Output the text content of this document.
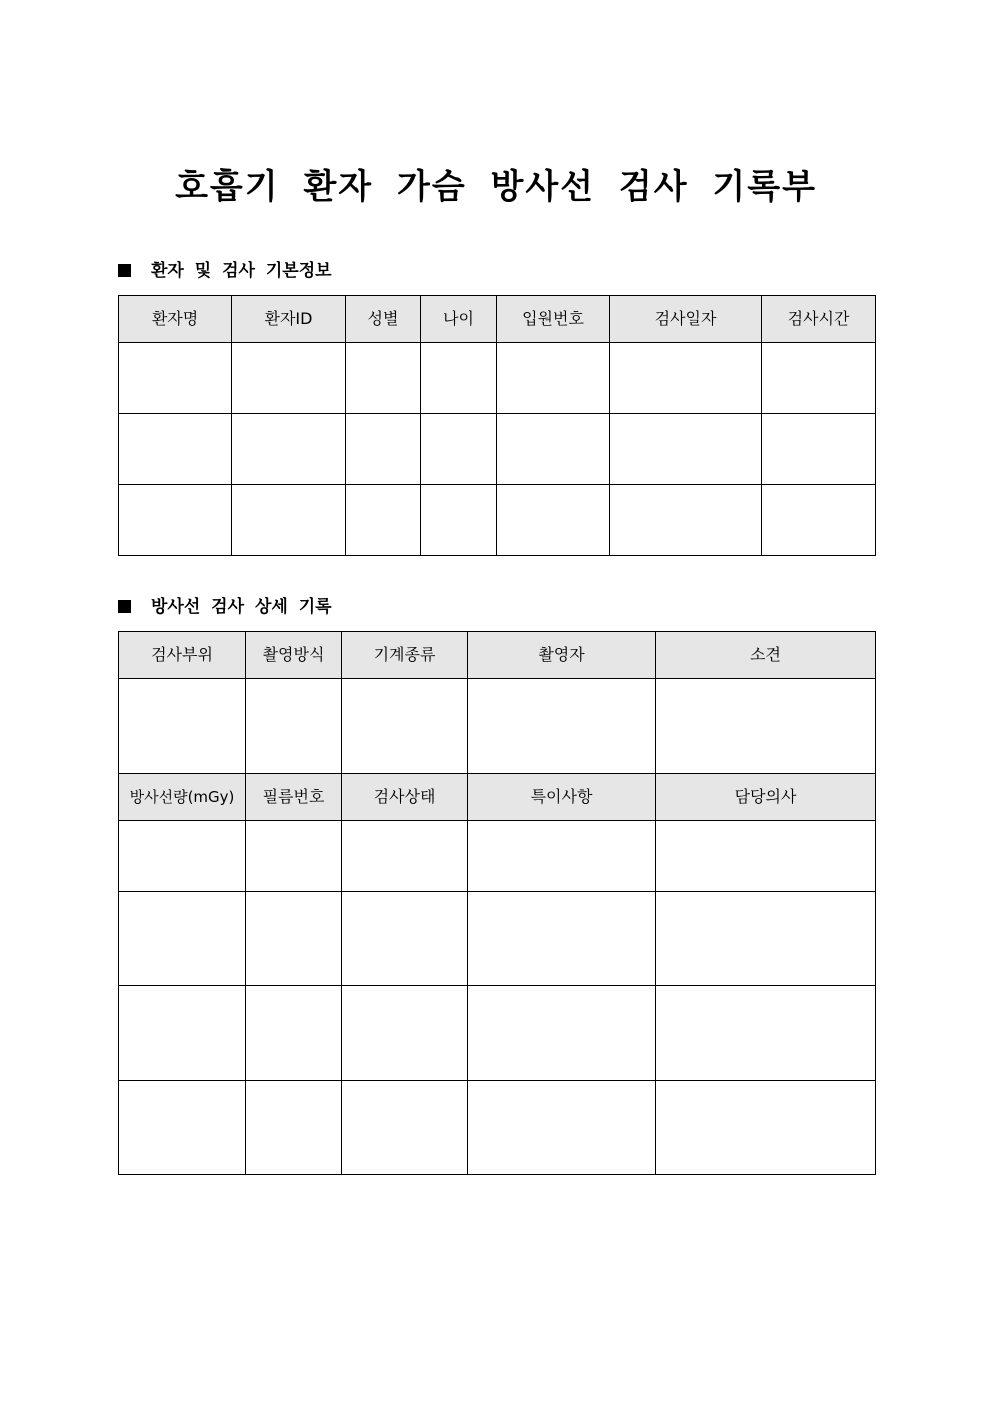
호흡기 환자 가슴 방사선 검사 기록부
환자 및 검사 기본정보
환자명	환자ID	성별	나이	입원번호	검사일자	검사시간

방사선 검사 상세 기록
검사부위	촬영방식	기계종류	촬영자	소견

방사선량(mGy)	필름번호	검사상태	특이사항	담당의사
